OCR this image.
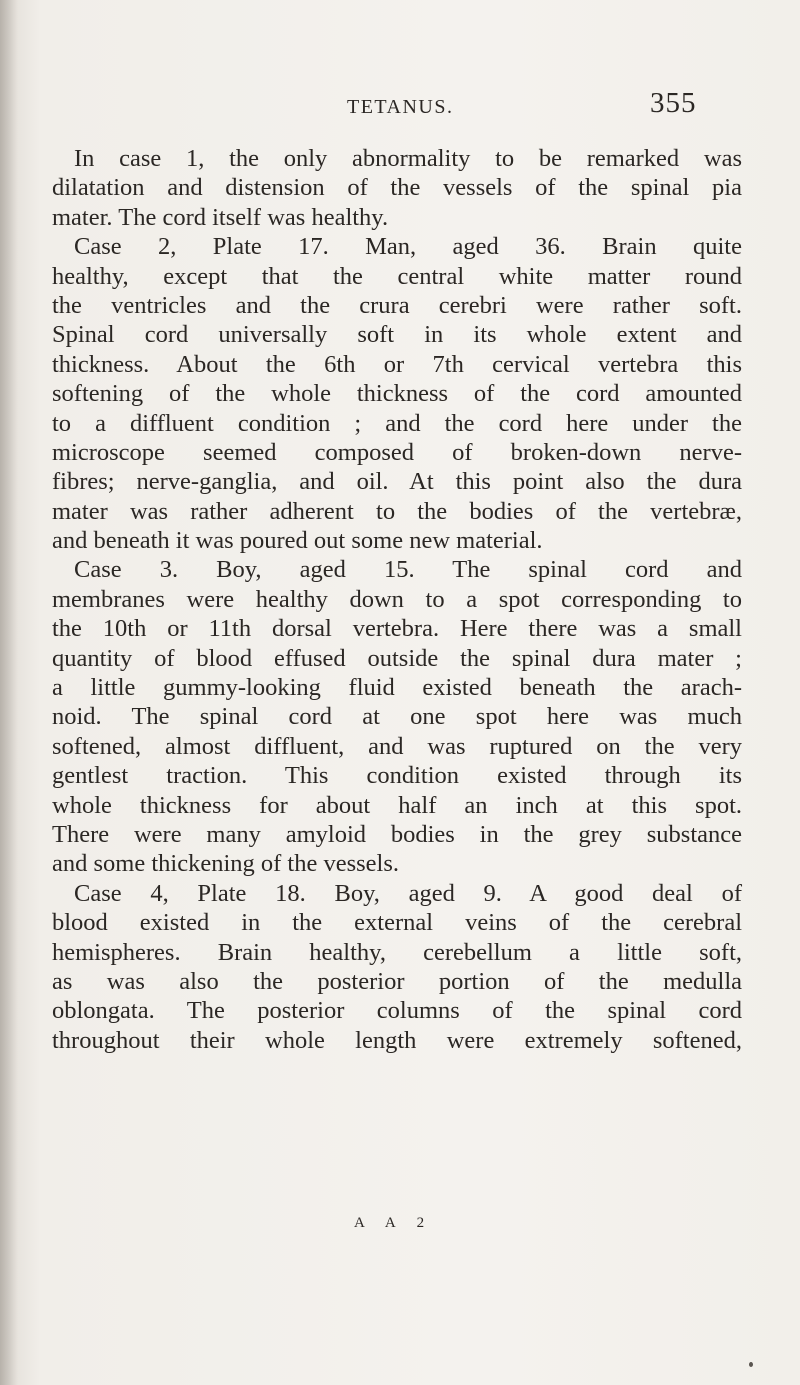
TETANUS.	355
In case 1, the only abnormality to be remarked was
dilatation and distension of the vessels of the spinal pia
mater. The cord itself was healthy.
Case 2, Plate 17. Man, aged 36. Brain quite
healthy, except that the central white matter round
the ventricles and the crura cerebri were rather soft.
Spinal cord universally soft in its whole extent and
thickness. About the 6th or 7th cervical vertebra this
softening of the whole thickness of the cord amounted
to a diffluent condition ; and the cord here under the
microscope seemed composed of broken-down nerve-
fibres; nerve-ganglia, and oil. At this point also the dura
mater was rather adherent to the bodies of the vertebræ,
and beneath it was poured out some new material.
Case 3. Boy, aged 15. The spinal cord and
membranes were healthy down to a spot corresponding to
the 10th or 11th dorsal vertebra. Here there was a small
quantity of blood effused outside the spinal dura mater ;
a little gummy-looking fluid existed beneath the arach-
noid. The spinal cord at one spot here was much
softened, almost diffluent, and was ruptured on the very
gentlest traction. This condition existed through its
whole thickness for about half an inch at this spot.
There were many amyloid bodies in the grey substance
and some thickening of the vessels.
Case 4, Plate 18. Boy, aged 9. A good deal of
blood existed in the external veins of the cerebral
hemispheres. Brain healthy, cerebellum a little soft,
as was also the posterior portion of the medulla
oblongata. The posterior columns of the spinal cord
throughout their whole length were extremely softened,
A A 2
